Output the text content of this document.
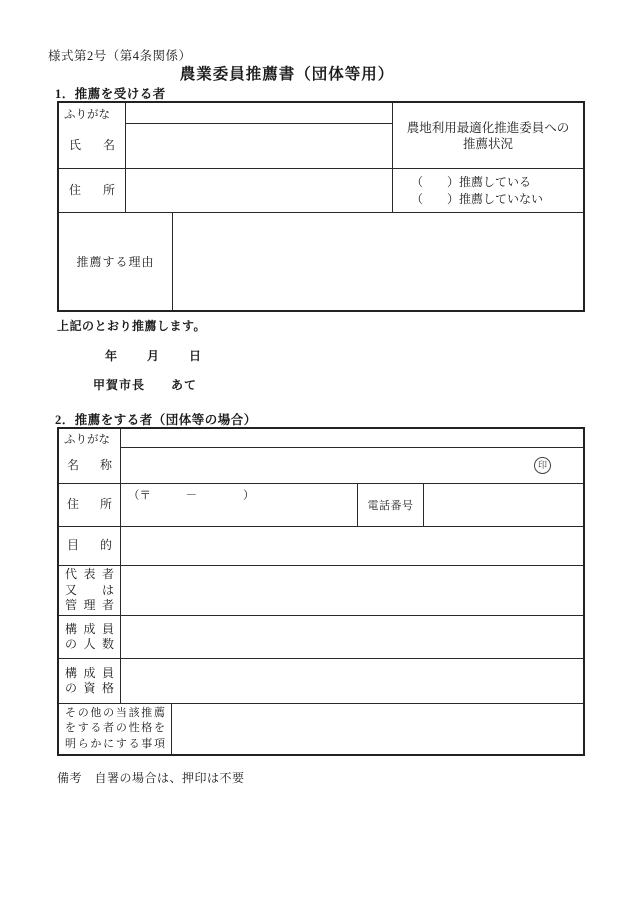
様式第2号（第4条関係）
農業委員推薦書（団体等用）
1．推薦を受ける者
ふりがな
氏名
農地利用最適化推進委員への
推薦状況
住所
（　　）推薦している
（　　）推薦していない
推薦する理由
上記のとおり推薦します。
年　　月　　日
甲賀市長　　あて
2．推薦をする者（団体等の場合）
ふりがな
名称	印
住所
（〒　　　－　　　　）
電話番号
目的
代表者
又は
管理者
構成員
の人数
構成員
の資格
その他の当該推薦
をする者の性格を
明らかにする事項
備考　自署の場合は、押印は不要
